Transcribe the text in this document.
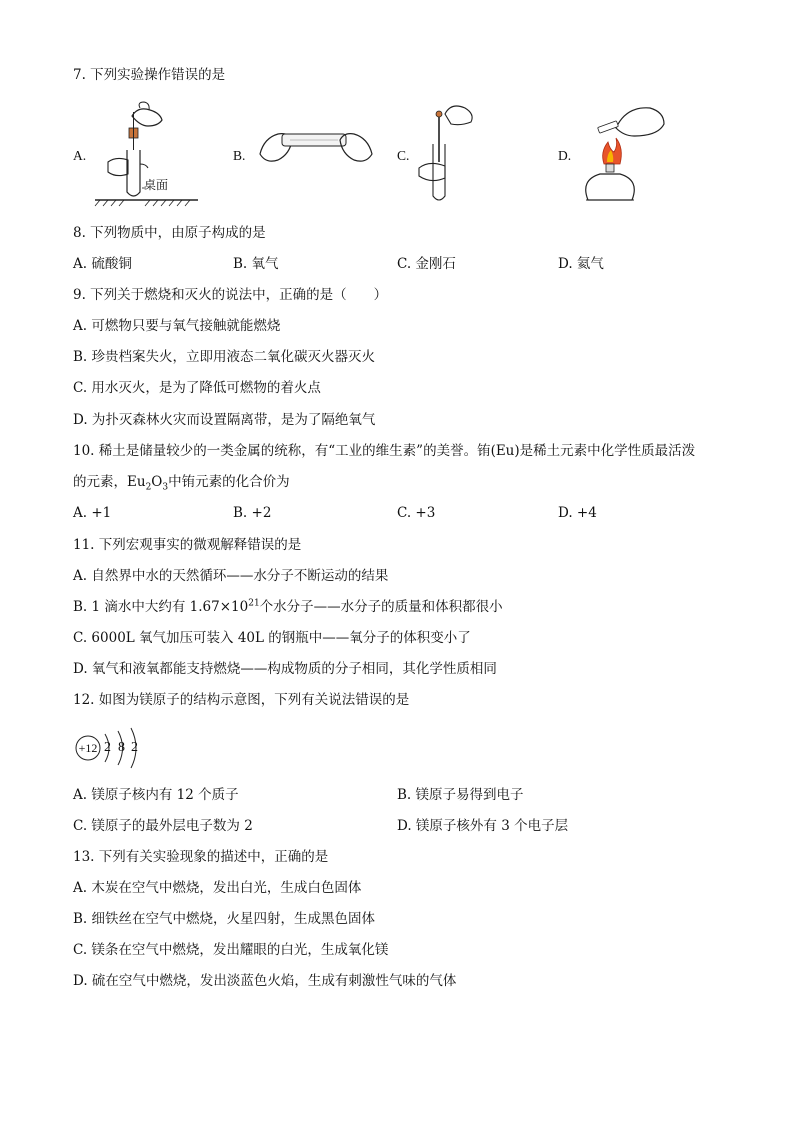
7. 下列实验操作错误的是
A.	B.	C.	D.
桌面
8. 下列物质中，由原子构成的是
A. 硫酸铜	B. 氧气	C. 金刚石	D. 氦气
9. 下列关于燃烧和灭火的说法中，正确的是（　　）
A. 可燃物只要与氧气接触就能燃烧
B. 珍贵档案失火，立即用液态二氧化碳灭火器灭火
C. 用水灭火，是为了降低可燃物的着火点
D. 为扑灭森林火灾而设置隔离带，是为了隔绝氧气
10. 稀土是储量较少的一类金属的统称，有“工业的维生素”的美誉。铕(Eu)是稀土元素中化学性质最活泼
的元素，$Eu_2O_3$中铕元素的化合价为
A. +1	B. +2	C. +3	D. +4
11. 下列宏观事实的微观解释错误的是
A. 自然界中水的天然循环——水分子不断运动的结果
B. 1 滴水中大约有 $1.67\times 10^{21}$个水分子——水分子的质量和体积都很小
C. 6000L 氧气加压可装入 40L 的钢瓶中——氧分子的体积变小了
D. 氧气和液氧都能支持燃烧——构成物质的分子相同，其化学性质相同
12. 如图为镁原子的结构示意图，下列有关说法错误的是
+12 2 8 2
A. 镁原子核内有 12 个质子	B. 镁原子易得到电子
C. 镁原子的最外层电子数为 2	D. 镁原子核外有 3 个电子层
13. 下列有关实验现象的描述中，正确的是
A. 木炭在空气中燃烧，发出白光，生成白色固体
B. 细铁丝在空气中燃烧，火星四射，生成黑色固体
C. 镁条在空气中燃烧，发出耀眼的白光，生成氧化镁
D. 硫在空气中燃烧，发出淡蓝色火焰，生成有刺激性气味的气体
